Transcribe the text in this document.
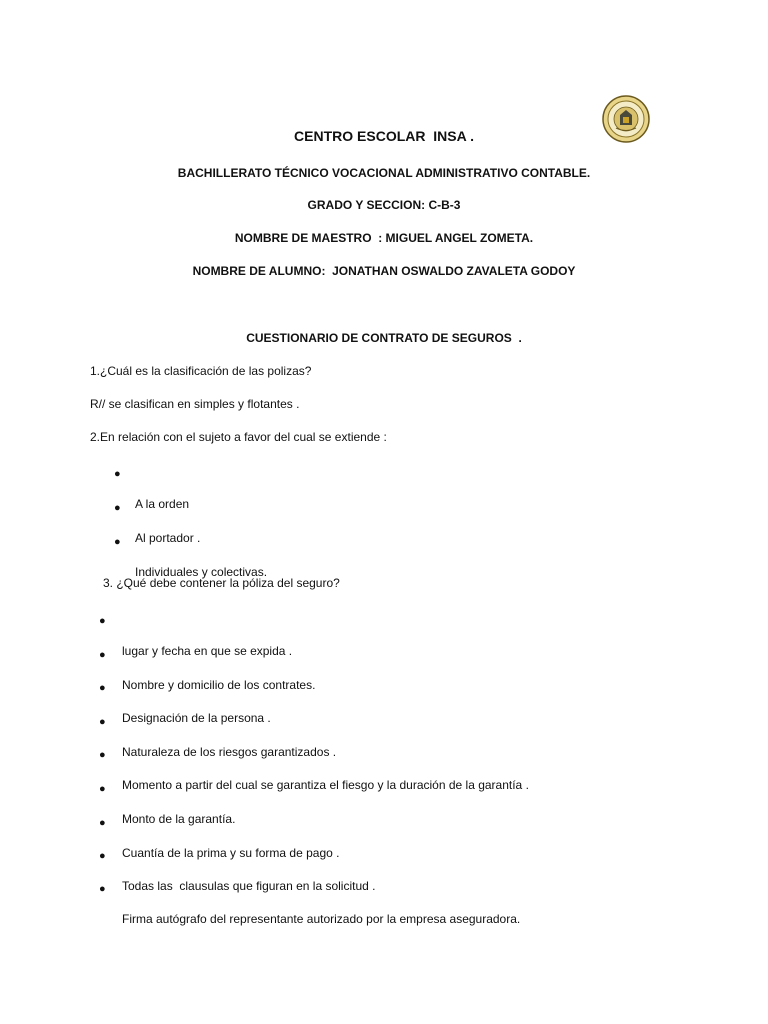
CENTRO ESCOLAR  INSA .
BACHILLERATO TÉCNICO VOCACIONAL ADMINISTRATIVO CONTABLE.
GRADO Y SECCION: C-B-3
NOMBRE DE MAESTRO  : MIGUEL ANGEL ZOMETA.
NOMBRE DE ALUMNO:  JONATHAN OSWALDO ZAVALETA GODOY
CUESTIONARIO DE CONTRATO DE SEGUROS  .
1.¿Cuál es la clasificación de las polizas?
R// se clasifican en simples y flotantes .
2.En relación con el sujeto a favor del cual se extiende :

●

A la orden

●

Al portador .

●

Individuales y colectivas.

3. ¿Qué debe contener la póliza del seguro?

●

lugar y fecha en que se expida .

●

Nombre y domicilio de los contrates.

●

Designación de la persona .

●

Naturaleza de los riesgos garantizados .

●

Momento a partir del cual se garantiza el fiesgo y la duración de la garantía .

●

Monto de la garantía.

●

Cuantía de la prima y su forma de pago .

●

Todas las  clausulas que figuran en la solicitud .

●

Firma autógrafo del representante autorizado por la empresa aseguradora.
